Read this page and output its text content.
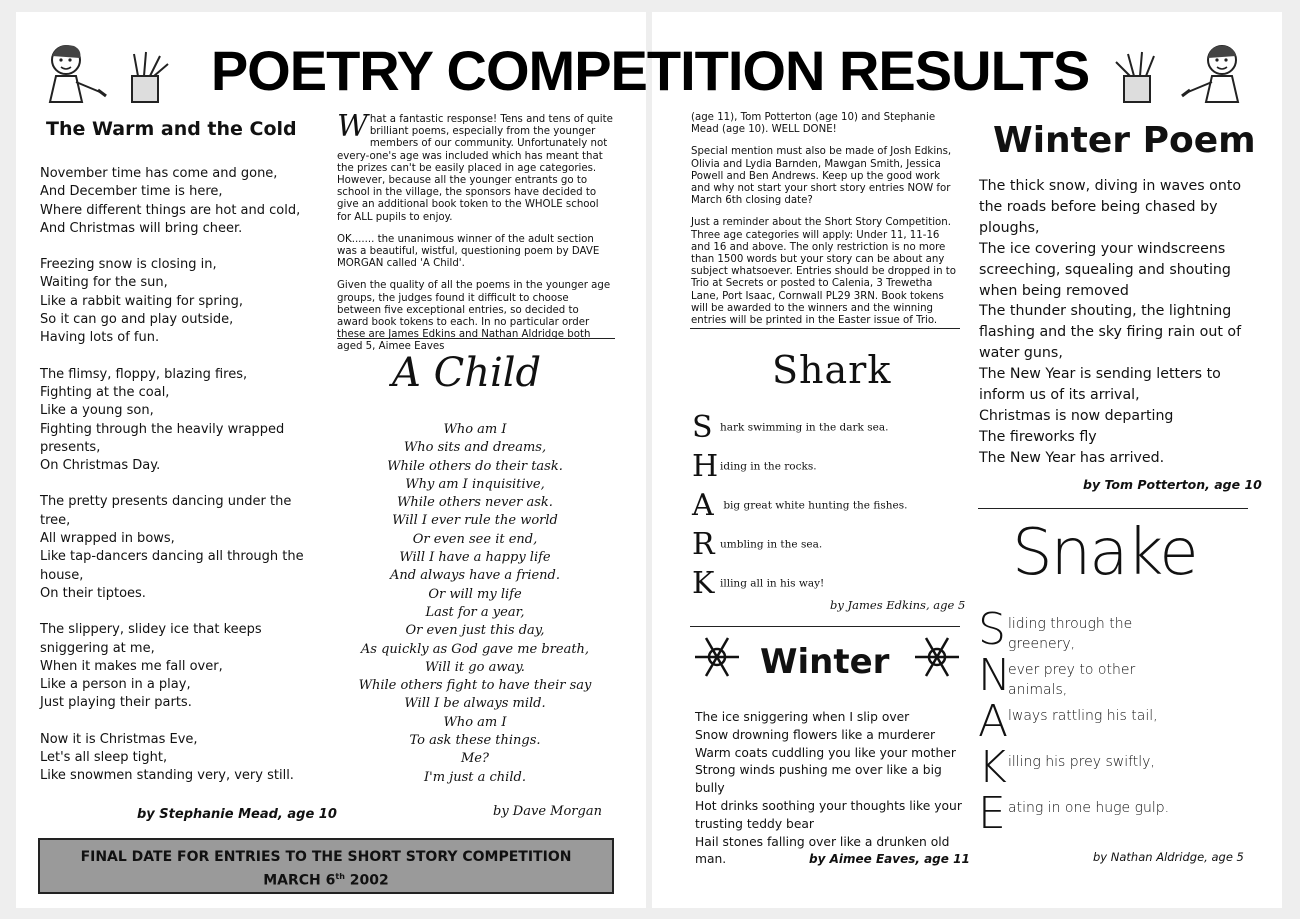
POETRY COMPETITION RESULTS
The Warm and the Cold
November time has come and gone,
And December time is here,
Where different things are hot and cold,
And Christmas will bring cheer.
Freezing snow is closing in,
Waiting for the sun,
Like a rabbit waiting for spring,
So it can go and play outside,
Having lots of fun.
The flimsy, floppy, blazing fires,
Fighting at the coal,
Like a young son,
Fighting through the heavily wrapped
presents,
On Christmas Day.
The pretty presents dancing under the
tree,
All wrapped in bows,
Like tap-dancers dancing all through the
house,
On their tiptoes.
The slippery, slidey ice that keeps
sniggering at me,
When it makes me fall over,
Like a person in a play,
Just playing their parts.
Now it is Christmas Eve,
Let's all sleep tight,
Like snowmen standing very, very still.
by Stephanie Mead, age 10
FINAL DATE FOR ENTRIES TO THE SHORT STORY COMPETITION
MARCH 6th 2002

What a fantastic response! Tens and tens of quite brilliant poems, especially from the younger members of our community. Unfortunately not every-one's age was included which has meant that the prizes can't be easily placed in age categories. However, because all the younger entrants go to school in the village, the sponsors have decided to give an additional book token to the WHOLE school for ALL pupils to enjoy.

OK....... the unanimous winner of the adult section was a beautiful, wistful, questioning poem by DAVE MORGAN called 'A Child'.

Given the quality of all the poems in the younger age groups, the judges found it difficult to choose between five exceptional entries, so decided to award book tokens to each. In no particular order these are James Edkins and Nathan Aldridge both aged 5, Aimee Eaves

A Child
Who am I
Who sits and dreams,
While others do their task.
Why am I inquisitive,
While others never ask.
Will I ever rule the world
Or even see it end,
Will I have a happy life
And always have a friend.
Or will my life
Last for a year,
Or even just this day,
As quickly as God gave me breath,
Will it go away.
While others fight to have their say
Will I be always mild.
Who am I
To ask these things.
Me?
I'm just a child.
by Dave Morgan

(age 11), Tom Potterton (age 10) and Stephanie Mead (age 10). WELL DONE!

Special mention must also be made of Josh Edkins, Olivia and Lydia Barnden, Mawgan Smith, Jessica Powell and Ben Andrews. Keep up the good work and why not start your short story entries NOW for March 6th closing date?

Just a reminder about the Short Story Competition. Three age categories will apply: Under 11, 11-16 and 16 and above. The only restriction is no more than 1500 words but your story can be about any subject whatsoever. Entries should be dropped in to Trio at Secrets or posted to Calenia, 3 Trewetha Lane, Port Isaac, Cornwall PL29 3RN. Book tokens will be awarded to the winners and the winning entries will be printed in the Easter issue of Trio.

Shark
Shark swimming in the dark sea.
Hiding in the rocks.
A big great white hunting the fishes.
Rumbling in the sea.
Killing all in his way!
by James Edkins, age 5
Winter
The ice sniggering when I slip over
Snow drowning flowers like a murderer
Warm coats cuddling you like your mother
Strong winds pushing me over like a big bully
Hot drinks soothing your thoughts like your
trusting teddy bear
Hail stones falling over like a drunken old
man.	by Aimee Eaves, age 11
Winter Poem
The thick snow, diving in waves onto
the roads before being chased by
ploughs,
The ice covering your windscreens
screeching, squealing and shouting
when being removed
The thunder shouting, the lightning
flashing and the sky firing rain out of
water guns,
The New Year is sending letters to
inform us of its arrival,
Christmas is now departing
The fireworks fly
The New Year has arrived.
by Tom Potterton, age 10
Snake
S liding through the greenery,
N
ever prey to other animals,
A lways rattling his tail,
K illing his prey swiftly,
E ating in one huge gulp.
by Nathan Aldridge, age 5
